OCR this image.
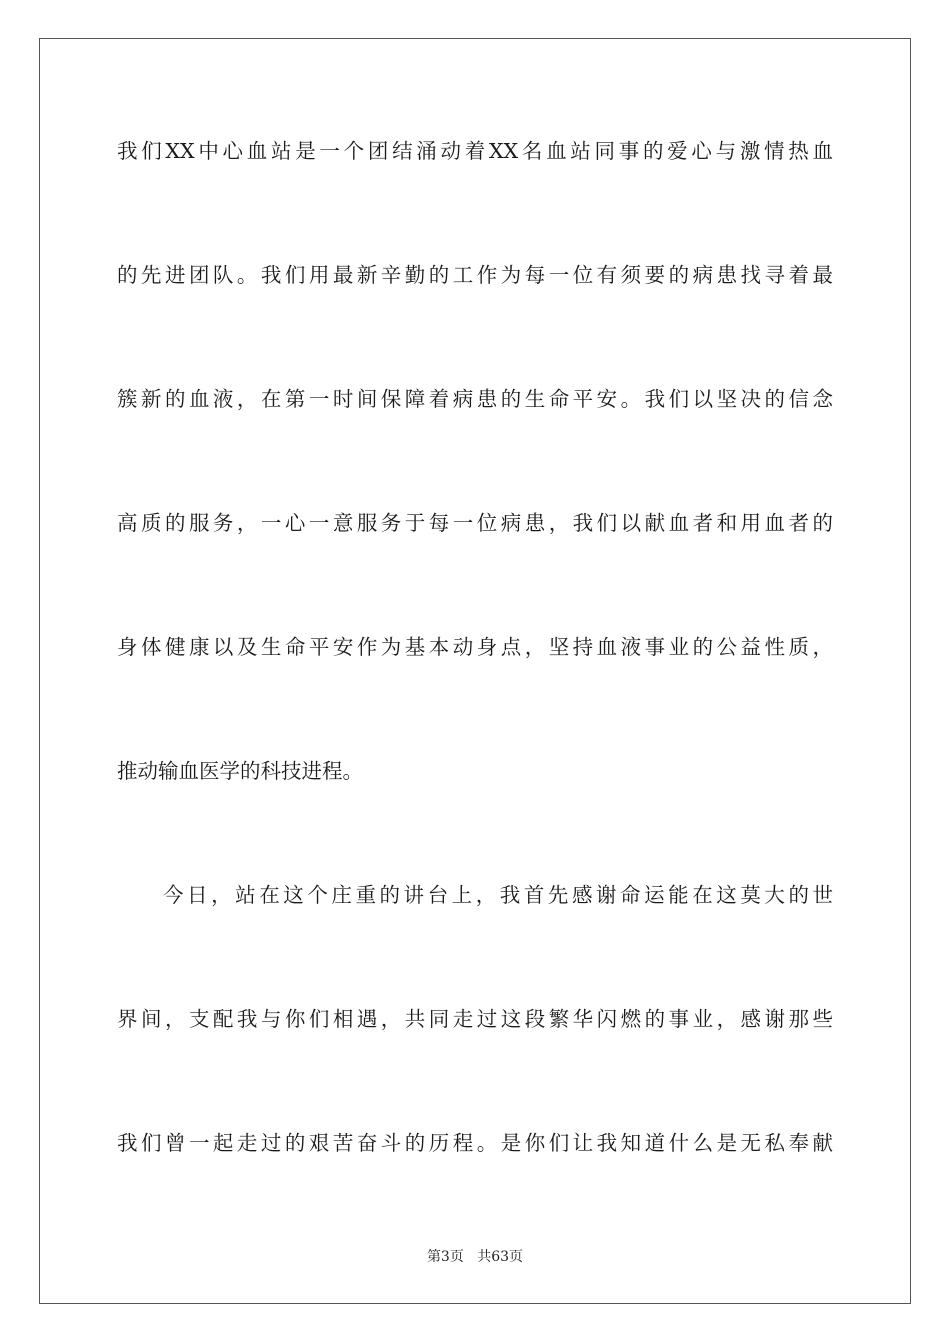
我们XX中心血站是一个团结涌动着XX名血站同事的爱心与激情热血
的先进团队。我们用最新辛勤的工作为每一位有须要的病患找寻着最
簇新的血液，在第一时间保障着病患的生命平安。我们以坚决的信念
高质的服务，一心一意服务于每一位病患，我们以献血者和用血者的
身体健康以及生命平安作为基本动身点，坚持血液事业的公益性质，
推动输血医学的科技进程。
今日，站在这个庄重的讲台上，我首先感谢命运能在这莫大的世
界间，支配我与你们相遇，共同走过这段繁华闪燃的事业，感谢那些
我们曾一起走过的艰苦奋斗的历程。是你们让我知道什么是无私奉献
第3页 共63页
